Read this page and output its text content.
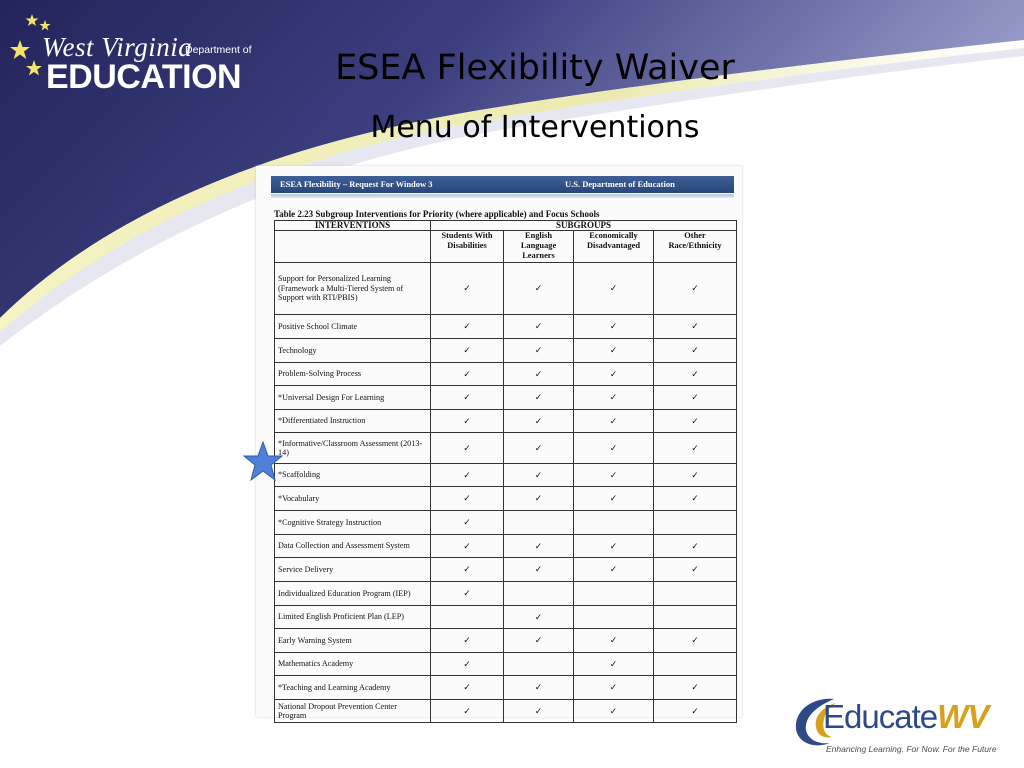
West Virginia
Department of
EDUCATION	ESEA Flexibility Waiver
Menu of Interventions
ESEA Flexibility – Request For Window 3	U.S. Department of Education
Table 2.23 Subgroup Interventions for Priority (where applicable) and Focus Schools
INTERVENTIONS	SUBGROUPS			
	Students With Disabilities	English Language Learners	Economically Disadvantaged	Other Race/Ethnicity
Support for Personalized Learning (Framework a Multi-Tiered System of Support with RTI/PBIS)	✓	✓	✓	✓
Positive School Climate	✓	✓	✓	✓
Technology	✓	✓	✓	✓
Problem-Solving Process	✓	✓	✓	✓
*Universal Design For Learning	✓	✓	✓	✓
*Differentiated Instruction	✓	✓	✓	✓
*Informative/Classroom Assessment (2013-14)	✓	✓	✓	✓
*Scaffolding	✓	✓	✓	✓
*Vocabulary	✓	✓	✓	✓
*Cognitive Strategy Instruction	✓			
Data Collection and Assessment System	✓	✓	✓	✓
Service Delivery	✓	✓	✓	✓
Individualized Education Program (IEP)	✓			
Limited English Proficient Plan (LEP)		✓		
Early Warning System	✓	✓	✓	✓
Mathematics Academy	✓		✓	
*Teaching and Learning Academy	✓	✓	✓	✓
National Dropout Prevention Center Program	✓	✓	✓	✓	EducateWV
Enhancing Learning. For Now. For the Future
